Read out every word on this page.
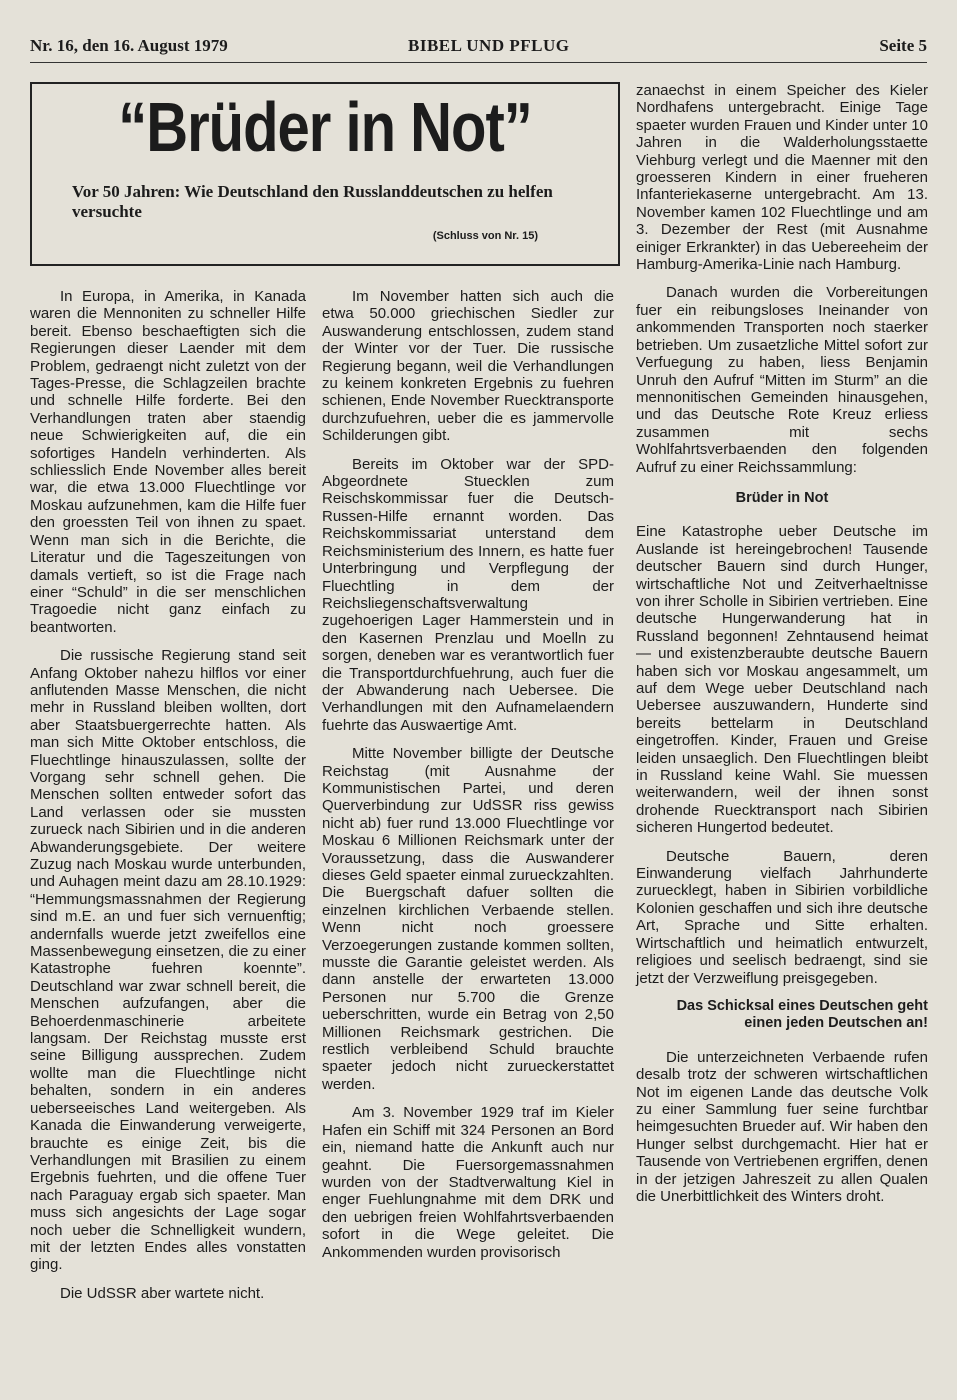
Nr. 16, den 16. August 1979	BIBEL UND PFLUG	Seite 5
“Brüder in Not”
Vor 50 Jahren: Wie Deutschland den Russlanddeutschen zu helfen versuchte
(Schluss von Nr. 15)

In Europa, in Amerika, in Kanada waren die Mennoniten zu schneller Hilfe bereit. Ebenso beschaeftigten sich die Regierungen dieser Laender mit dem Problem, gedraengt nicht zuletzt von der Tages-Presse, die Schlagzeilen brachte und schnelle Hilfe forderte. Bei den Verhandlungen traten aber staendig neue Schwierigkeiten auf, die ein sofortiges Handeln verhinderten. Als schliesslich Ende November alles bereit war, die etwa 13.000 Fluechtlinge vor Moskau aufzunehmen, kam die Hilfe fuer den groessten Teil von ihnen zu spaet. Wenn man sich in die Berichte, die Literatur und die Tageszeitungen von damals vertieft, so ist die Frage nach einer “Schuld” in die ser menschlichen Tragoedie nicht ganz einfach zu beantworten.

Die russische Regierung stand seit Anfang Oktober nahezu hilflos vor einer anflutenden Masse Menschen, die nicht mehr in Russland bleiben wollten, dort aber Staatsbuergerrechte hatten. Als man sich Mitte Oktober entschloss, die Fluechtlinge hinauszulassen, sollte der Vorgang sehr schnell gehen. Die Menschen sollten entweder sofort das Land verlassen oder sie mussten zurueck nach Sibirien und in die anderen Abwanderungsgebiete. Der weitere Zuzug nach Moskau wurde unterbunden, und Auhagen meint dazu am 28.10.1929: “Hemmungsmassnahmen der Regierung sind m.E. an und fuer sich vernuenftig; andernfalls wuerde jetzt zweifellos eine Massenbewegung einsetzen, die zu einer Katastrophe fuehren koennte”. Deutschland war zwar schnell bereit, die Menschen aufzufangen, aber die Behoerdenmaschinerie arbeitete langsam. Der Reichstag musste erst seine Billigung aussprechen. Zudem wollte man die Fluechtlinge nicht behalten, sondern in ein anderes ueberseeisches Land weitergeben. Als Kanada die Einwanderung verweigerte, brauchte es einige Zeit, bis die Verhandlungen mit Brasilien zu einem Ergebnis fuehrten, und die offene Tuer nach Paraguay ergab sich spaeter. Man muss sich angesichts der Lage sogar noch ueber die Schnelligkeit wundern, mit der letzten Endes alles vonstatten ging.

Die UdSSR aber wartete nicht.

Im November hatten sich auch die etwa 50.000 griechischen Siedler zur Auswanderung entschlossen, zudem stand der Winter vor der Tuer. Die russische Regierung begann, weil die Verhandlungen zu keinem konkreten Ergebnis zu fuehren schienen, Ende November Ruecktransporte durchzufuehren, ueber die es jammervolle Schilderungen gibt.

Bereits im Oktober war der SPD-Abgeordnete Stuecklen zum Reischskommissar fuer die Deutsch-Russen-Hilfe ernannt worden. Das Reichskommissariat unterstand dem Reichsministerium des Innern, es hatte fuer Unterbringung und Verpflegung der Fluechtling in dem der Reichsliegenschaftsverwaltung zugehoerigen Lager Hammerstein und in den Kasernen Prenzlau und Moelln zu sorgen, deneben war es verantwortlich fuer die Transportdurchfuehrung, auch fuer die der Abwanderung nach Uebersee. Die Verhandlungen mit den Aufnamelaendern fuehrte das Auswaertige Amt.

Mitte November billigte der Deutsche Reichstag (mit Ausnahme der Kommunistischen Partei, und deren Querverbindung zur UdSSR riss gewiss nicht ab) fuer rund 13.000 Fluechtlinge vor Moskau 6 Millionen Reichsmark unter der Voraussetzung, dass die Auswanderer dieses Geld spaeter einmal zurueckzahlten. Die Buergschaft dafuer sollten die einzelnen kirchlichen Verbaende stellen. Wenn nicht noch groessere Verzoegerungen zustande kommen sollten, musste die Garantie geleistet werden. Als dann anstelle der erwarteten 13.000 Personen nur 5.700 die Grenze ueberschritten, wurde ein Betrag von 2,50 Millionen Reichsmark gestrichen. Die restlich verbleibend Schuld brauchte spaeter jedoch nicht zurueckerstattet werden.

Am 3. November 1929 traf im Kieler Hafen ein Schiff mit 324 Personen an Bord ein, niemand hatte die Ankunft auch nur geahnt. Die Fuersorgemassnahmen wurden von der Stadtverwaltung Kiel in enger Fuehlungnahme mit dem DRK und den uebrigen freien Wohlfahrtsverbaenden sofort in die Wege geleitet. Die Ankommenden wurden provisorisch

zanaechst in einem Speicher des Kieler Nordhafens untergebracht. Einige Tage spaeter wurden Frauen und Kinder unter 10 Jahren in die Walderholungsstaette Viehburg verlegt und die Maenner mit den groesseren Kindern in einer frueheren Infanteriekaserne untergebracht. Am 13. November kamen 102 Fluechtlinge und am 3. Dezember der Rest (mit Ausnahme einiger Erkrankter) in das Uebereeheim der Hamburg-Amerika-Linie nach Hamburg.

Danach wurden die Vorbereitungen fuer ein reibungsloses Ineinander von ankommenden Transporten noch staerker betrieben. Um zusaetzliche Mittel sofort zur Verfuegung zu haben, liess Benjamin Unruh den Aufruf “Mitten im Sturm” an die mennonitischen Gemeinden hinausgehen, und das Deutsche Rote Kreuz erliess zusammen mit sechs Wohlfahrtsverbaenden den folgenden Aufruf zu einer Reichssammlung:

Brüder in Not

Eine Katastrophe ueber Deutsche im Auslande ist hereingebrochen! Tausende deutscher Bauern sind durch Hunger, wirtschaftliche Not und Zeitverhaeltnisse von ihrer Scholle in Sibirien vertrieben. Eine deutsche Hungerwanderung hat in Russland begonnen! Zehntausend heimat — und existenzberaubte deutsche Bauern haben sich vor Moskau angesammelt, um auf dem Wege ueber Deutschland nach Uebersee auszuwandern, Hunderte sind bereits bettelarm in Deutschland eingetroffen. Kinder, Frauen und Greise leiden unsaeglich. Den Fluechtlingen bleibt in Russland keine Wahl. Sie muessen weiterwandern, weil der ihnen sonst drohende Ruecktransport nach Sibirien sicheren Hungertod bedeutet.

Deutsche Bauern, deren Einwanderung vielfach Jahrhunderte zuruecklegt, haben in Sibirien vorbildliche Kolonien geschaffen und sich ihre deutsche Art, Sprache und Sitte erhalten. Wirtschaftlich und heimatlich entwurzelt, religioes und seelisch bedraengt, sind sie jetzt der Verzweiflung preisgegeben.

Das Schicksal eines Deutschen geht einen jeden Deutschen an!

Die unterzeichneten Verbaende rufen desalb trotz der schweren wirtschaftlichen Not im eigenen Lande das deutsche Volk zu einer Sammlung fuer seine furchtbar heimgesuchten Brueder auf. Wir haben den Hunger selbst durchgemacht. Hier hat er Tausende von Vertriebenen ergriffen, denen in der jetzigen Jahreszeit zu allen Qualen die Unerbittlichkeit des Winters droht.
